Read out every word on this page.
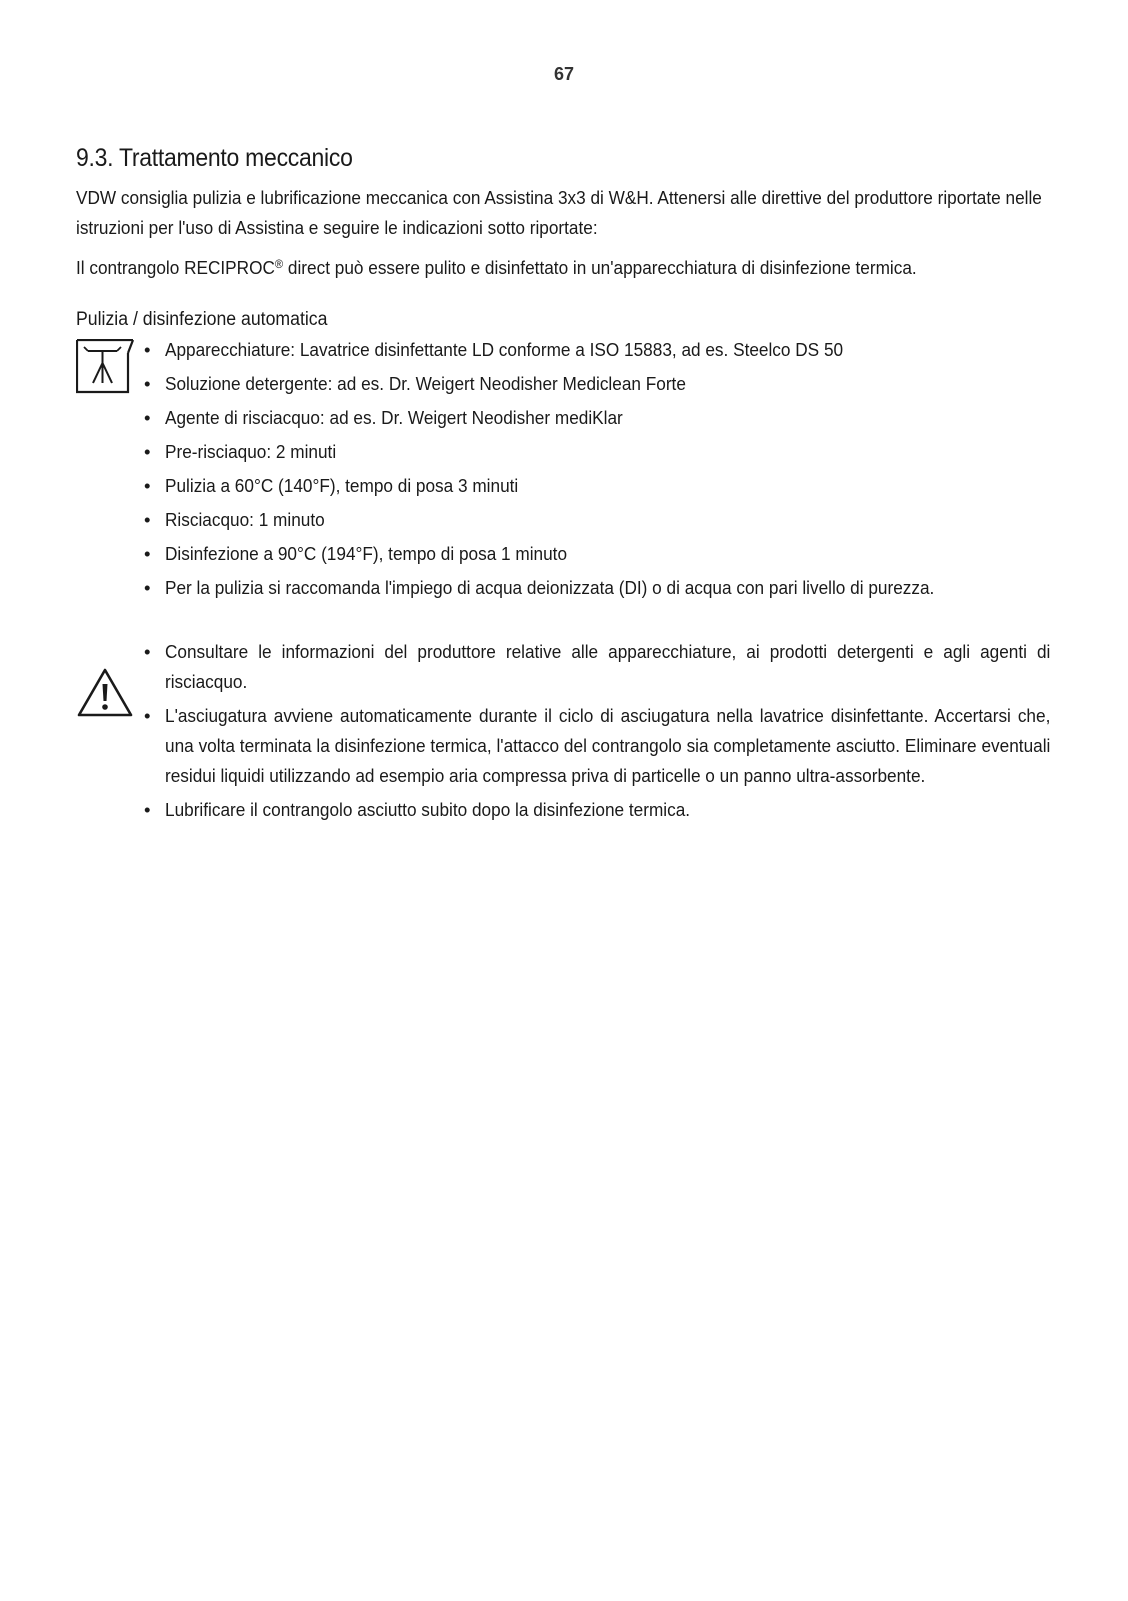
67
9.3. Trattamento meccanico

VDW consiglia pulizia e lubrificazione meccanica con Assistina 3x3 di W&H. Attenersi alle direttive del produttore riportate nelle istruzioni per l'uso di Assistina e seguire le indicazioni sotto riportate:

Il contrangolo RECIPROC® direct può essere pulito e disinfettato in un'apparecchiatura di disinfezione termica.

Pulizia / disinfezione automatica
• Apparecchiature: Lavatrice disinfettante LD conforme a ISO 15883, ad es. Steelco DS 50
• Soluzione detergente: ad es. Dr. Weigert Neodisher Mediclean Forte
• Agente di risciacquo: ad es. Dr. Weigert Neodisher mediKlar
• Pre-risciaquo: 2 minuti
• Pulizia a 60°C (140°F), tempo di posa 3 minuti
• Risciacquo: 1 minuto
• Disinfezione a 90°C (194°F), tempo di posa 1 minuto
• Per la pulizia si raccomanda l'impiego di acqua deionizzata (DI) o di acqua con pari livello di purezza.
• Consultare le informazioni del produttore relative alle apparecchiature, ai prodotti detergenti e agli agenti di risciacquo.
• L'asciugatura avviene automaticamente durante il ciclo di asciugatura nella lavatrice disinfettante. Accertarsi che, una volta terminata la disinfezione termica, l'attacco del contrangolo sia completamente asciutto. Eliminare eventuali residui liquidi utilizzando ad esempio aria compressa priva di particelle o un panno ultra-assorbente.
• Lubrificare il contrangolo asciutto subito dopo la disinfezione termica.
